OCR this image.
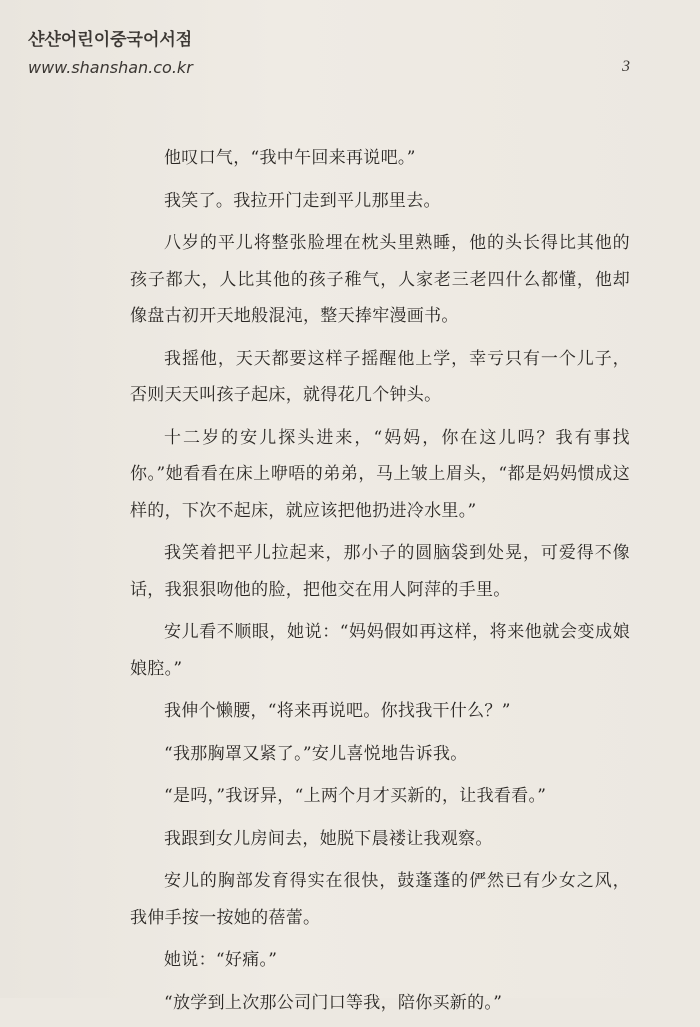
샨샨어린이중국어서점
www.shanshan.co.kr	3

他叹口气，“我中午回来再说吧。”

我笑了。我拉开门走到平儿那里去。

八岁的平儿将整张脸埋在枕头里熟睡，他的头长得比其他的孩子都大，人比其他的孩子稚气，人家老三老四什么都懂，他却像盘古初开天地般混沌，整天捧牢漫画书。

我摇他，天天都要这样子摇醒他上学，幸亏只有一个儿子，否则天天叫孩子起床，就得花几个钟头。

十二岁的安儿探头进来，“妈妈，你在这儿吗？我有事找你。”她看看在床上咿唔的弟弟，马上皱上眉头，“都是妈妈惯成这样的，下次不起床，就应该把他扔进冷水里。”

我笑着把平儿拉起来，那小子的圆脑袋到处晃，可爱得不像话，我狠狠吻他的脸，把他交在用人阿萍的手里。

安儿看不顺眼，她说：“妈妈假如再这样，将来他就会变成娘娘腔。”

我伸个懒腰，“将来再说吧。你找我干什么？”

“我那胸罩又紧了。”安儿喜悦地告诉我。

“是吗，”我讶异，“上两个月才买新的，让我看看。”

我跟到女儿房间去，她脱下晨褛让我观察。

安儿的胸部发育得实在很快，鼓蓬蓬的俨然已有少女之风，我伸手按一按她的蓓蕾。

她说：“好痛。”

“放学到上次那公司门口等我，陪你买新的。”
